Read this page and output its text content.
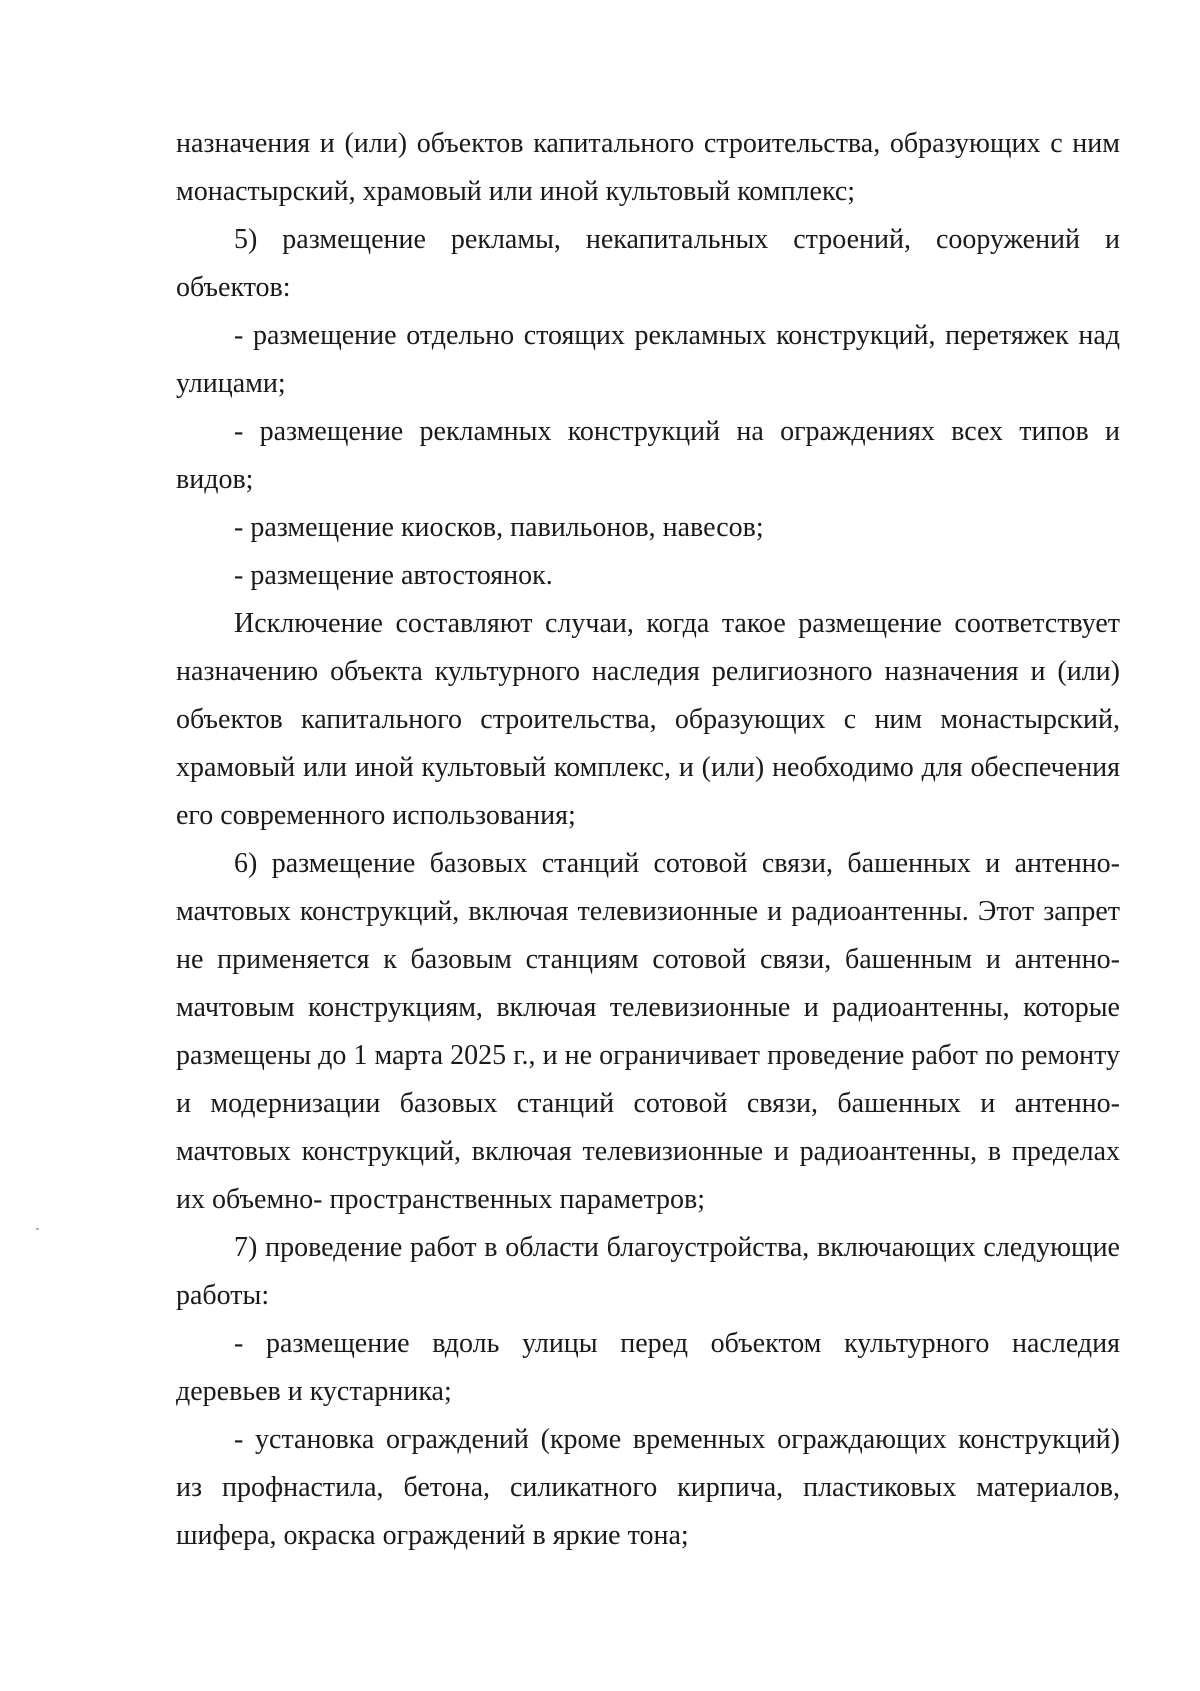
назначения и (или) объектов капитального строительства, образующих с ним монастырский, храмовый или иной культовый комплекс;

5) размещение рекламы, некапитальных строений, сооружений и объектов:

- размещение отдельно стоящих рекламных конструкций, перетяжек над улицами;

- размещение рекламных конструкций на ограждениях всех типов и видов;

- размещение киосков, павильонов, навесов;

- размещение автостоянок.

Исключение составляют случаи, когда такое размещение соответствует назначению объекта культурного наследия религиозного назначения и (или) объектов капитального строительства, образующих с ним монастырский, храмовый или иной культовый комплекс, и (или) необходимо для обеспечения его современного использования;

6) размещение базовых станций сотовой связи, башенных и антенно-мачтовых конструкций, включая телевизионные и радиоантенны. Этот запрет не применяется к базовым станциям сотовой связи, башенным и антенно-мачтовым конструкциям, включая телевизионные и радиоантенны, которые размещены до 1 марта 2025 г., и не ограничивает проведение работ по ремонту и модернизации базовых станций сотовой связи, башенных и антенно-мачтовых конструкций, включая телевизионные и радиоантенны, в пределах их объемно- пространственных параметров;

7) проведение работ в области благоустройства, включающих следующие работы:

- размещение вдоль улицы перед объектом культурного наследия деревьев и кустарника;

- установка ограждений (кроме временных ограждающих конструкций) из профнастила, бетона, силикатного кирпича, пластиковых материалов, шифера, окраска ограждений в яркие тона;
